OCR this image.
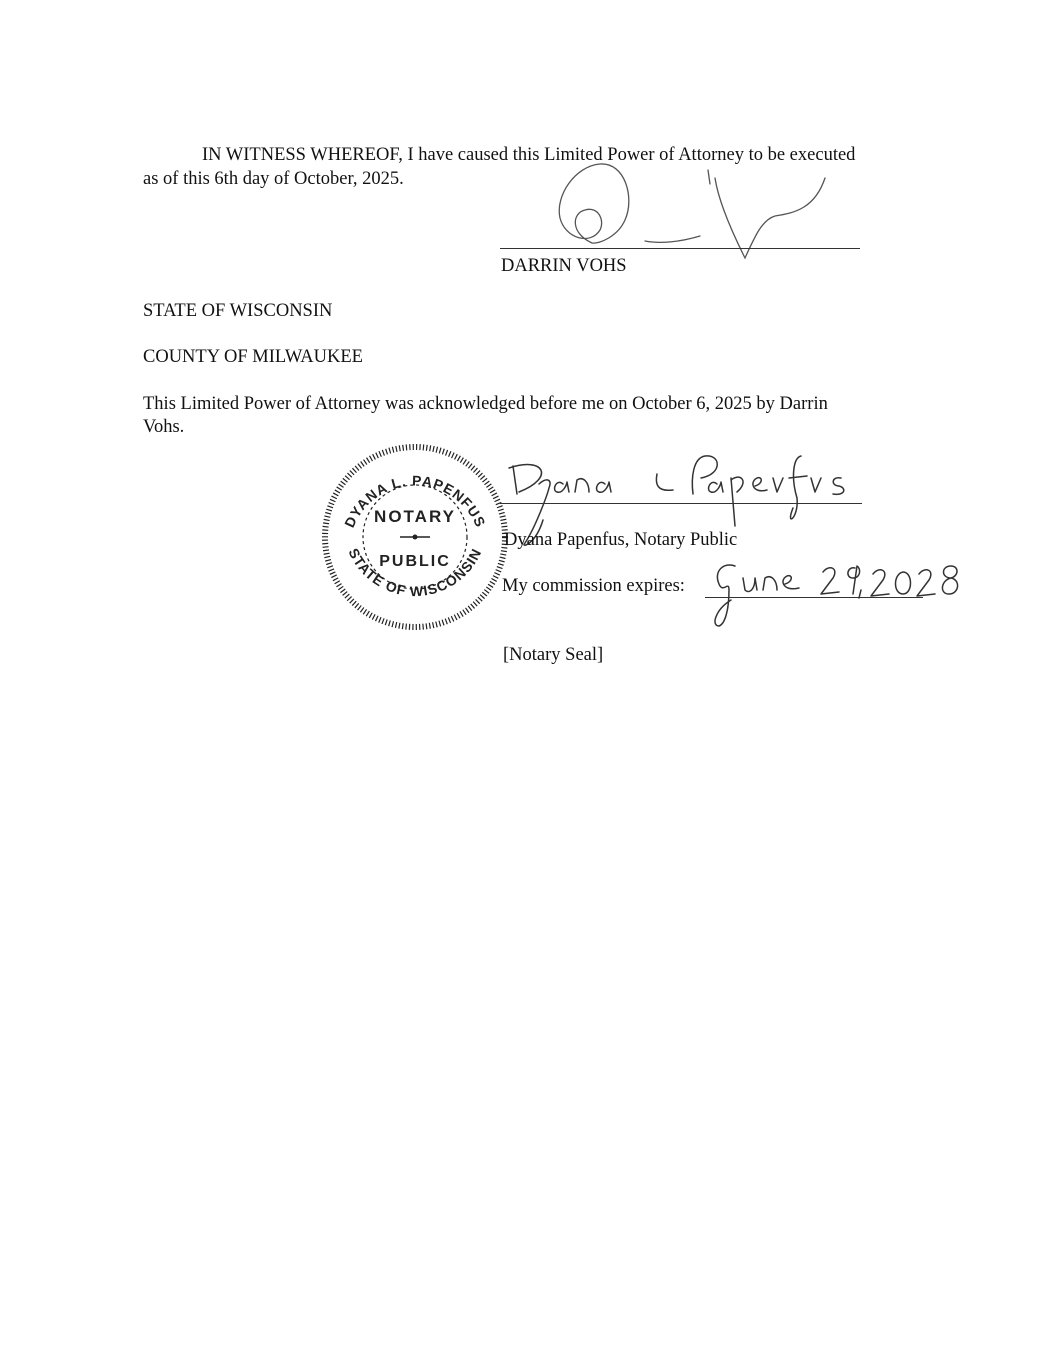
IN WITNESS WHEREOF, I have caused this Limited Power of Attorney to be executed
as of this 6th day of October, 2025.
DARRIN VOHS
STATE OF WISCONSIN
COUNTY OF MILWAUKEE
This Limited Power of Attorney was acknowledged before me on October 6, 2025 by Darrin
Vohs.
DYANA L. PAPENFUS
STATE OF WISCONSIN
NOTARY
PUBLIC
Dyana Papenfus, Notary Public
My commission expires:
[Notary Seal]
